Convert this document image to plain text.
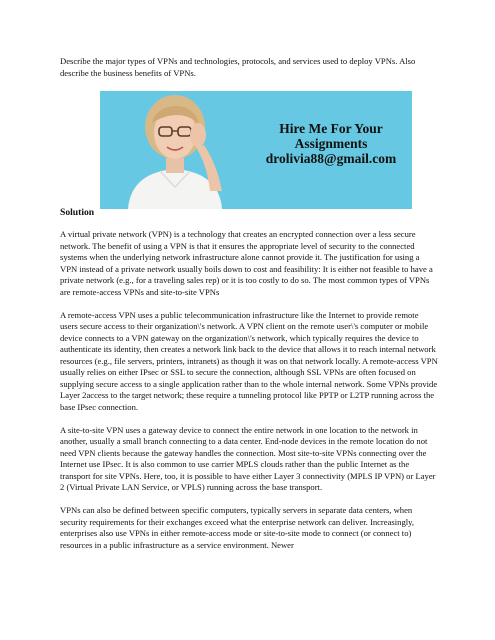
Describe the major types of VPNs and technologies, protocols, and services used to deploy VPNs. Also describe the business benefits of VPNs.
Hire Me For Your
Assignments
drolivia88@gmail.com
Solution

A virtual private network (VPN) is a technology that creates an encrypted connection over a less secure network. The benefit of using a VPN is that it ensures the appropriate level of security to the connected systems when the underlying network infrastructure alone cannot provide it. The justification for using a VPN instead of a private network usually boils down to cost and feasibility: It is either not feasible to have a private network (e.g., for a traveling sales rep) or it is too costly to do so. The most common types of VPNs are remote-access VPNs and site-to-site VPNs

A remote-access VPN uses a public telecommunication infrastructure like the Internet to provide remote users secure access to their organization\'s network. A VPN client on the remote user\'s computer or mobile device connects to a VPN gateway on the organization\'s network, which typically requires the device to authenticate its identity, then creates a network link back to the device that allows it to reach internal network resources (e.g., file servers, printers, intranets) as though it was on that network locally. A remote-access VPN usually relies on either IPsec or SSL to secure the connection, although SSL VPNs are often focused on supplying secure access to a single application rather than to the whole internal network. Some VPNs provide Layer 2access to the target network; these require a tunneling protocol like PPTP or L2TP running across the base IPsec connection.

A site-to-site VPN uses a gateway device to connect the entire network in one location to the network in another, usually a small branch connecting to a data center. End-node devices in the remote location do not need VPN clients because the gateway handles the connection. Most site-to-site VPNs connecting over the Internet use IPsec. It is also common to use carrier MPLS clouds rather than the public Internet as the transport for site VPNs. Here, too, it is possible to have either Layer 3 connectivity (MPLS IP VPN) or Layer 2 (Virtual Private LAN Service, or VPLS) running across the base transport.

VPNs can also be defined between specific computers, typically servers in separate data centers, when security requirements for their exchanges exceed what the enterprise network can deliver. Increasingly, enterprises also use VPNs in either remote-access mode or site-to-site mode to connect (or connect to) resources in a public infrastructure as a service environment. Newer
